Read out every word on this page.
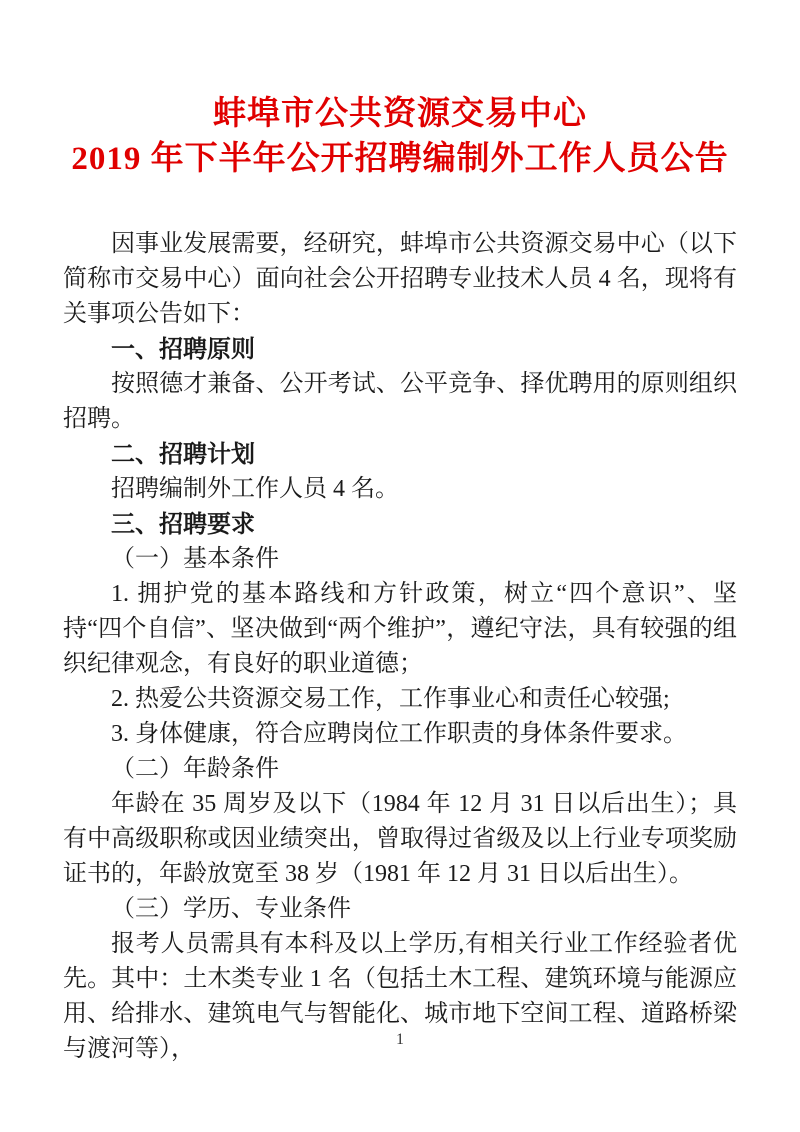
蚌埠市公共资源交易中心
2019 年下半年公开招聘编制外工作人员公告

因事业发展需要，经研究，蚌埠市公共资源交易中心（以下简称市交易中心）面向社会公开招聘专业技术人员 4 名，现将有关事项公告如下：

一、招聘原则

按照德才兼备、公开考试、公平竞争、择优聘用的原则组织招聘。

二、招聘计划

招聘编制外工作人员 4 名。

三、招聘要求

（一）基本条件

1. 拥护党的基本路线和方针政策，树立“四个意识”、坚持“四个自信”、坚决做到“两个维护”，遵纪守法，具有较强的组织纪律观念，有良好的职业道德；

2. 热爱公共资源交易工作，工作事业心和责任心较强;

3. 身体健康，符合应聘岗位工作职责的身体条件要求。

（二）年龄条件

年龄在 35 周岁及以下（1984 年 12 月 31 日以后出生）；具有中高级职称或因业绩突出，曾取得过省级及以上行业专项奖励证书的，年龄放宽至 38 岁（1981 年 12 月 31 日以后出生）。

（三）学历、专业条件

报考人员需具有本科及以上学历,有相关行业工作经验者优先。其中：土木类专业 1 名（包括土木工程、建筑环境与能源应用、给排水、建筑电气与智能化、城市地下空间工程、道路桥梁与渡河等），	1
